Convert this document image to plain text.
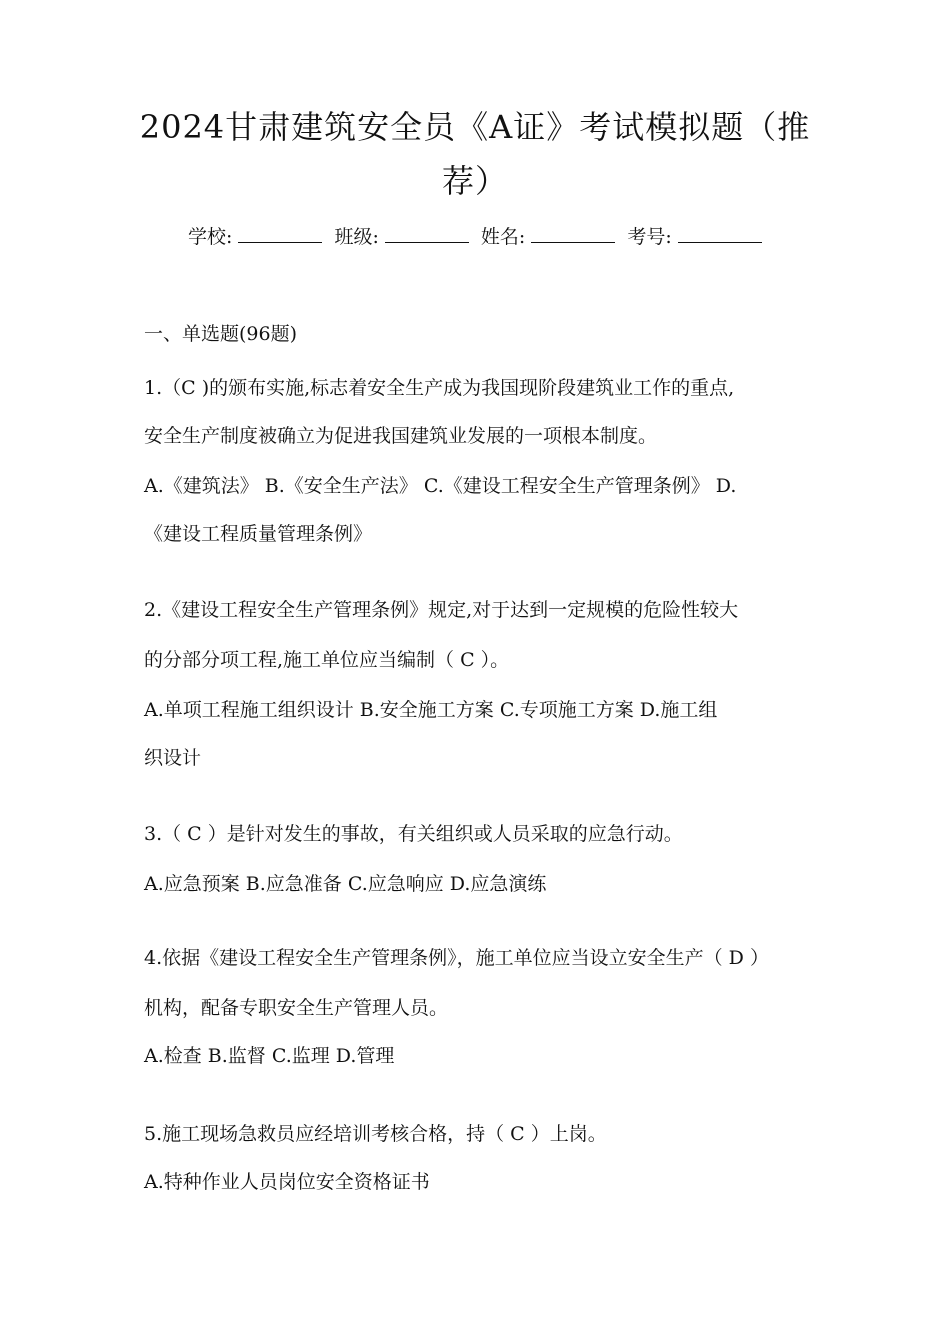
2024甘肃建筑安全员《A证》考试模拟题（推
荐）
学校:	班级:	姓名:	考号:
一、单选题(96题)
1.（C )的颁布实施,标志着安全生产成为我国现阶段建筑业工作的重点,
安全生产制度被确立为促进我国建筑业发展的一项根本制度。
A.《建筑法》 B.《安全生产法》 C.《建设工程安全生产管理条例》 D.
《建设工程质量管理条例》
2.《建设工程安全生产管理条例》规定,对于达到一定规模的危险性较大
的分部分项工程,施工单位应当编制（ C ）。
A.单项工程施工组织设计 B.安全施工方案 C.专项施工方案 D.施工组
织设计
3.（ C ）是针对发生的事故，有关组织或人员采取的应急行动。
A.应急预案 B.应急准备 C.应急响应 D.应急演练
4.依据《建设工程安全生产管理条例》，施工单位应当设立安全生产（ D ）
机构，配备专职安全生产管理人员。
A.检查 B.监督 C.监理 D.管理
5.施工现场急救员应经培训考核合格，持（ C ）上岗。
A.特种作业人员岗位安全资格证书
